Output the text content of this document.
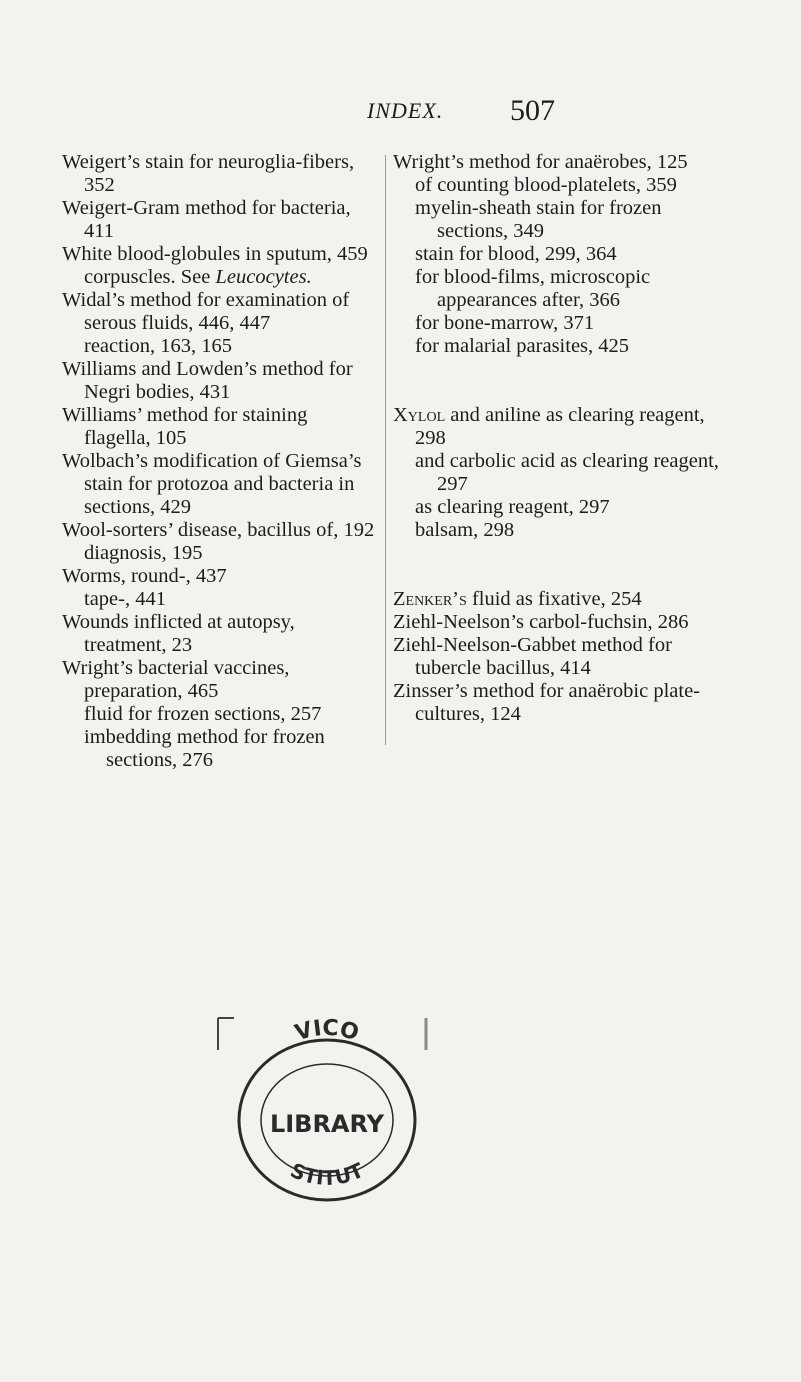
INDEX. 507

Weigert’s stain for neuroglia-fibers, 352
Weigert-Gram method for bacteria, 411

White blood-globules in sputum, 459
corpuscles. See Leucocytes.

Widal’s method for examination of serous fluids, 446, 447
reaction, 163, 165

Williams and Lowden’s method for Negri bodies, 431
Williams’ method for staining flagella, 105
Wolbach’s modification of Giemsa’s stain for protozoa and bacteria in sections, 429
Wool-sorters’ disease, bacillus of, 192
diagnosis, 195
Worms, round-, 437
tape-, 441
Wounds inflicted at autopsy, treatment, 23
Wright’s bacterial vaccines, preparation, 465
fluid for frozen sections, 257
imbedding method for frozen sections, 276

Wright’s method for anaërobes, 125
of counting blood-platelets, 359
myelin-sheath stain for frozen sections, 349
stain for blood, 299, 364
for blood-films, microscopic appearances after, 366
for bone-marrow, 371
for malarial parasites, 425

Xylol and aniline as clearing reagent, 298
and carbolic acid as clearing reagent, 297
as clearing reagent, 297
balsam, 298

Zenker’s fluid as fixative, 254
Ziehl-Neelson’s carbol-fuchsin, 286
Ziehl-Neelson-Gabbet method for tubercle bacillus, 414
Zinsser’s method for anaërobic plate-cultures, 124

VICO
LIBRARY
STITUT
